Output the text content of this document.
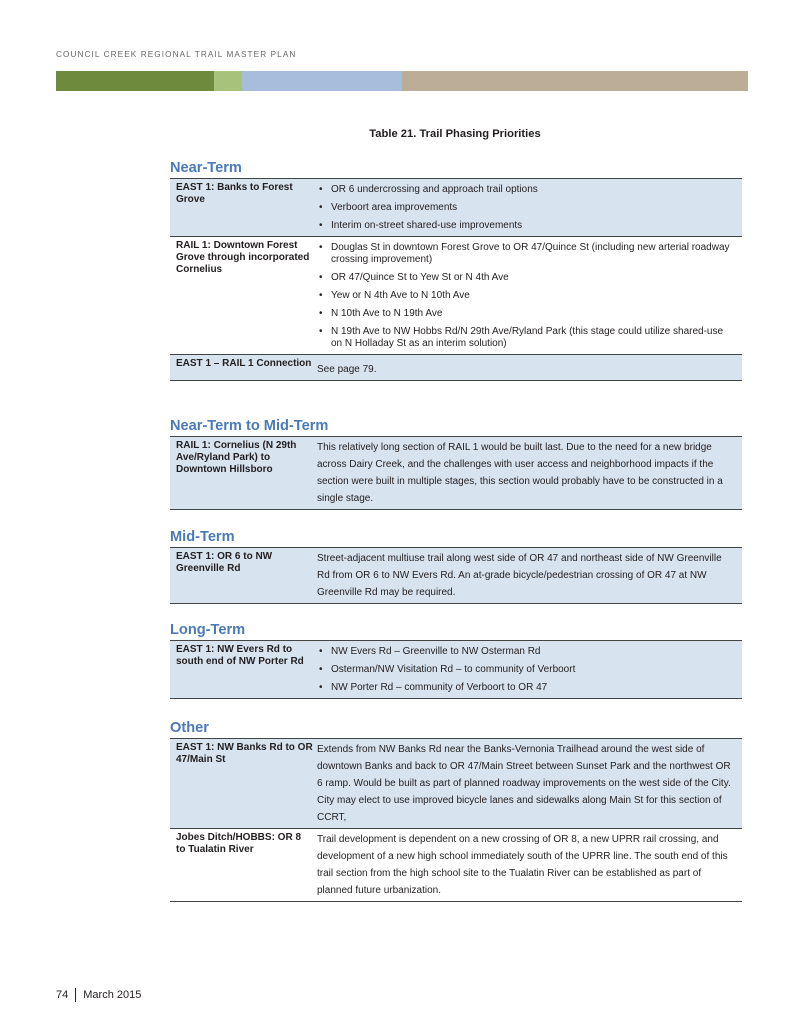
COUNCIL CREEK REGIONAL TRAIL MASTER PLAN
Table 21. Trail Phasing Priorities
Near-Term
EAST 1: Banks to Forest Grove
• OR 6 undercrossing and approach trail options
• Verboort area improvements
• Interim on-street shared-use improvements
RAIL 1: Downtown Forest Grove through incorporated Cornelius
• Douglas St in downtown Forest Grove to OR 47/Quince St (including new arterial roadway crossing improvement)
• OR 47/Quince St to Yew St or N 4th Ave
• Yew or N 4th Ave to N 10th Ave
• N 10th Ave to N 19th Ave
• N 19th Ave to NW Hobbs Rd/N 29th Ave/Ryland Park (this stage could utilize shared-use on N Holladay St as an interim solution)
EAST 1 – RAIL 1 Connection

See page 79.

Near-Term to Mid-Term
RAIL 1: Cornelius (N 29th Ave/Ryland Park) to Downtown Hillsboro

This relatively long section of RAIL 1 would be built last. Due to the need for a new bridge across Dairy Creek, and the challenges with user access and neighborhood impacts if the section were built in multiple stages, this section would probably have to be constructed in a single stage.

Mid-Term
EAST 1: OR 6 to NW Greenville Rd

Street-adjacent multiuse trail along west side of OR 47 and northeast side of NW Greenville Rd from OR 6 to NW Evers Rd. An at-grade bicycle/pedestrian crossing of OR 47 at NW Greenville Rd may be required.

Long-Term
EAST 1: NW Evers Rd to south end of NW Porter Rd
• NW Evers Rd – Greenville to NW Osterman Rd
• Osterman/NW Visitation Rd – to community of Verboort
• NW Porter Rd – community of Verboort to OR 47
Other
EAST 1: NW Banks Rd to OR 47/Main St

Extends from NW Banks Rd near the Banks-Vernonia Trailhead around the west side of downtown Banks and back to OR 47/Main Street between Sunset Park and the northwest OR 6 ramp. Would be built as part of planned roadway improvements on the west side of the City. City may elect to use improved bicycle lanes and sidewalks along Main St for this section of CCRT,

Jobes Ditch/HOBBS: OR 8 to Tualatin River

Trail development is dependent on a new crossing of OR 8, a new UPRR rail crossing, and development of a new high school immediately south of the UPRR line. The south end of this trail section from the high school site to the Tualatin River can be established as part of planned future urbanization.

74 March 2015
